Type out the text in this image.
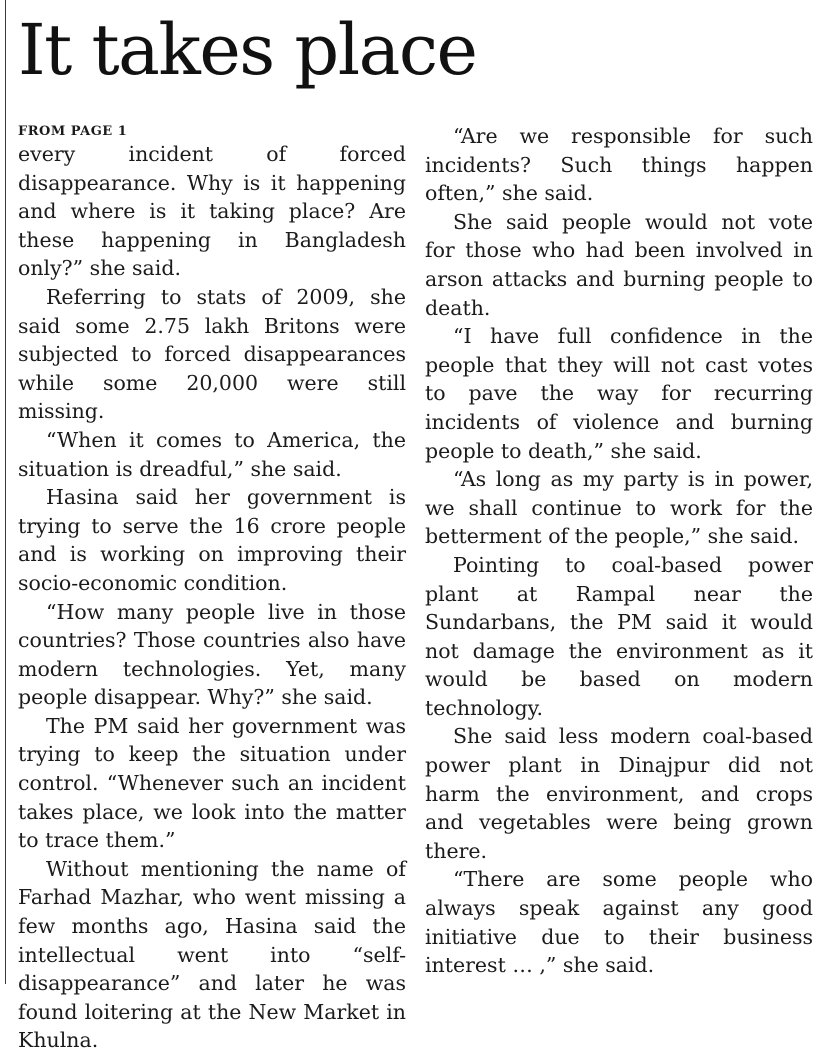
It takes place
FROM PAGE 1

every incident of forced disappearance. Why is it happening and where is it taking place? Are these happening in Bangladesh only?” she said.

Referring to stats of 2009, she said some 2.75 lakh Britons were subjected to forced disappearances while some 20,000 were still missing.

“When it comes to America, the situation is dreadful,” she said.

Hasina said her government is trying to serve the 16 crore people and is working on improving their socio-economic condition.

“How many people live in those countries? Those countries also have modern technologies. Yet, many people disappear. Why?” she said.

The PM said her government was trying to keep the situation under control. “Whenever such an incident takes place, we look into the matter to trace them.”

Without mentioning the name of Farhad Mazhar, who went missing a few months ago, Hasina said the intellectual went into “self-disappearance” and later he was found loitering at the New Market in Khulna.

“Are we responsible for such incidents? Such things happen often,” she said.

She said people would not vote for those who had been involved in arson attacks and burning people to death.

“I have full confidence in the people that they will not cast votes to pave the way for recurring incidents of violence and burning people to death,” she said.

“As long as my party is in power, we shall continue to work for the betterment of the people,” she said.

Pointing to coal-based power plant at Rampal near the Sundarbans, the PM said it would not damage the environment as it would be based on modern technology.

She said less modern coal-based power plant in Dinajpur did not harm the environment, and crops and vegetables were being grown there.

“There are some people who always speak against any good initiative due to their business interest … ,” she said.
